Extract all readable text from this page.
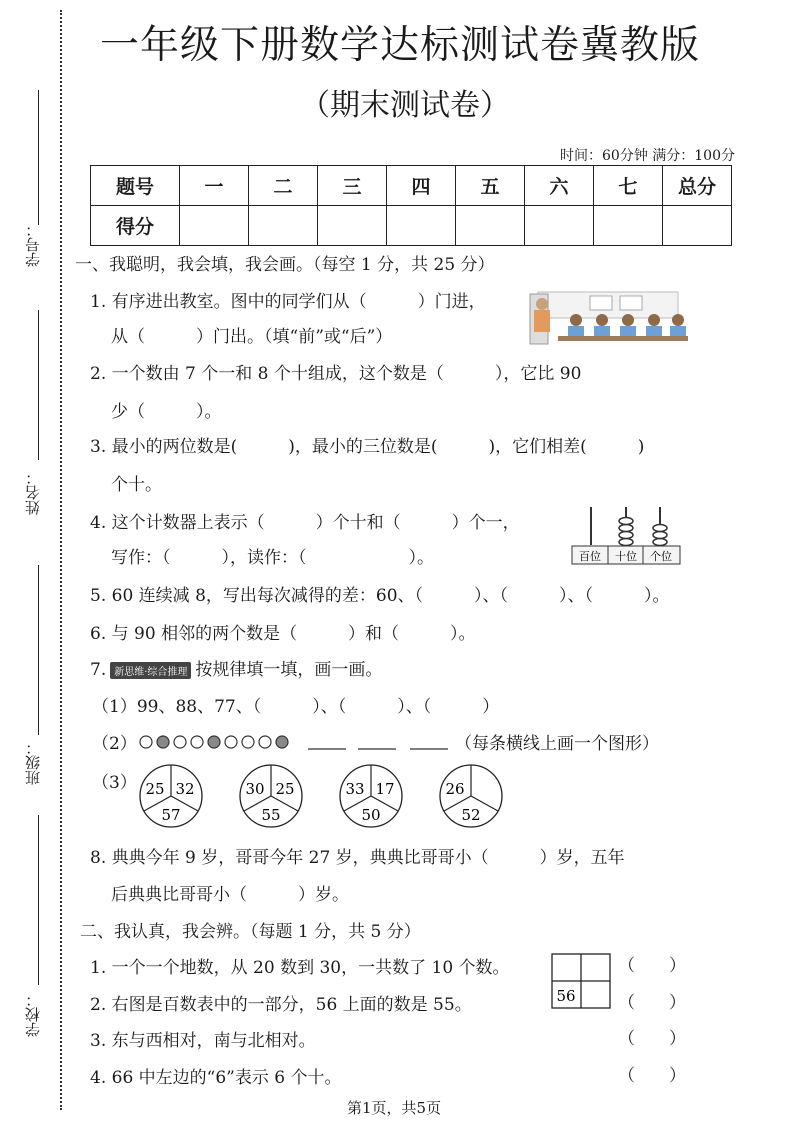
学号：
姓名：
班级：
学校：
一年级下册数学达标测试卷冀教版
（期末测试卷）
时间：60分钟 满分：100分
题号	一	二	三	四	五	六	七	总分
得分								
一、我聪明，我会填，我会画。（每空 1 分，共 25 分）
1. 有序进出教室。图中的同学们从（　　　）门进，
从（　　　）门出。（填“前”或“后”）
2. 一个数由 7 个一和 8 个十组成，这个数是（　　　），它比 90
少（　　　）。
3. 最小的两位数是(　　　)，最小的三位数是(　　　)，它们相差(　　　)
个十。
4. 这个计数器上表示（　　　）个十和（　　　）个一，
写作：（　　　），读作：（　　　　　　）。	百位 十位 个位
5. 60 连续减 8，写出每次减得的差：60、（　　　）、（　　　）、（　　　）。
6. 与 90 相邻的两个数是（　　　）和（　　　）。
7. 新思维·综合推理 按规律填一填，画一画。
（1）99、88、77、（　　　）、（　　　）、（　　　）
（2）	（每条横线上画一个图形）
（3） 25 32
57
30 25
55
33 17
50
26
52
8. 典典今年 9 岁，哥哥今年 27 岁，典典比哥哥小（　　　）岁，五年
后典典比哥哥小（　　　）岁。
二、我认真，我会辨。（每题 1 分，共 5 分）
1. 一个一个地数，从 20 数到 30，一共数了 10 个数。
2. 右图是百数表中的一部分，56 上面的数是 55。
3. 东与西相对，南与北相对。
4. 66 中左边的“6”表示 6 个十。
（　　）
（　　）
（　　）
（　　）
56
第1页，共5页
